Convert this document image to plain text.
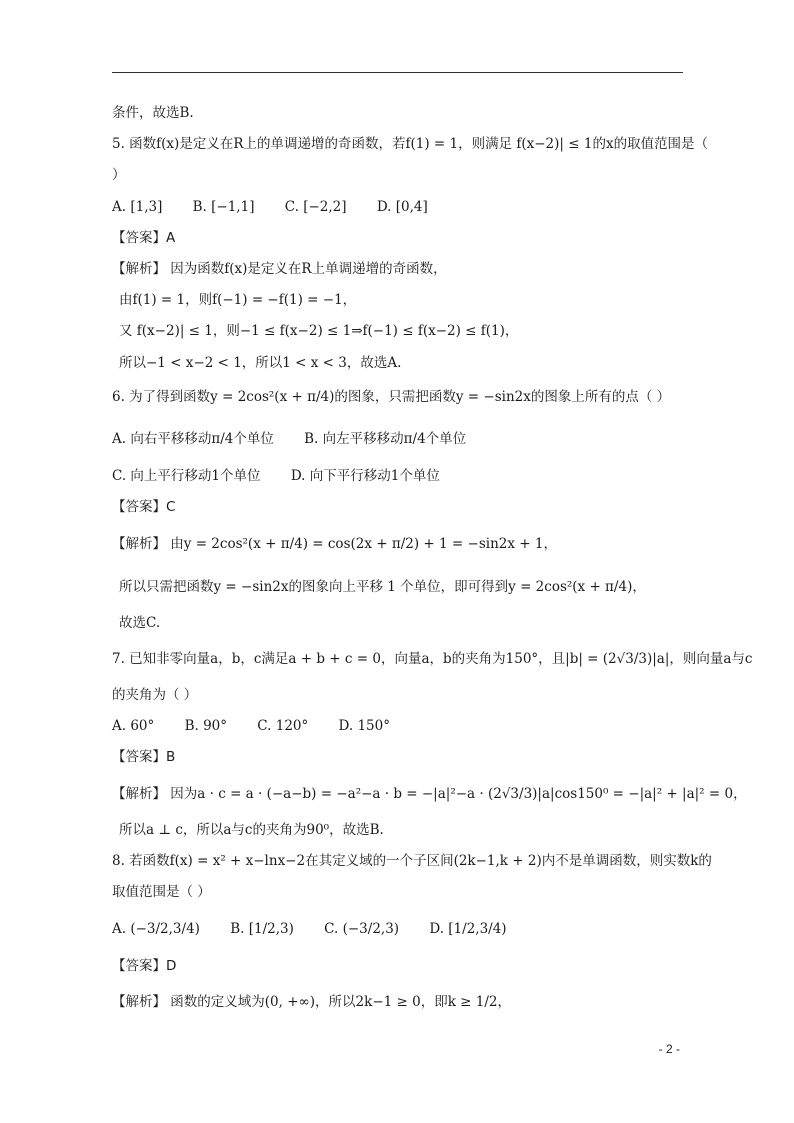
条件，故选B.
5. 函数f(x)是定义在R上的单调递增的奇函数，若f(1) = 1，则满足 f(x−2)| ≤ 1的x的取值范围是（
）
A. [1,3] B. [−1,1] C. [−2,2] D. [0,4]
【答案】A
【解析】 因为函数f(x)是定义在R上单调递增的奇函数，
由f(1) = 1，则f(−1) = −f(1) = −1，
又 f(x−2)| ≤ 1，则−1 ≤ f(x−2) ≤ 1⇒f(−1) ≤ f(x−2) ≤ f(1)，
所以−1 < x−2 < 1，所以1 < x < 3，故选A.
6. 为了得到函数y = 2cos²(x + π/4)的图象，只需把函数y = −sin2x的图象上所有的点（ ）
A. 向右平移移动π/4个单位 B. 向左平移移动π/4个单位
C. 向上平行移动1个单位 D. 向下平行移动1个单位
【答案】C
【解析】 由y = 2cos²(x + π/4) = cos(2x + π/2) + 1 = −sin2x + 1，
所以只需把函数y = −sin2x的图象向上平移 1 个单位，即可得到y = 2cos²(x + π/4)，
故选C.
7. 已知非零向量a，b，c满足a + b + c = 0，向量a，b的夹角为150°，且|b| = (2√3/3)|a|，则向量a与c
的夹角为（ ）
A. 60° B. 90° C. 120° D. 150°
【答案】B
【解析】 因为a · c = a · (−a−b) = −a²−a · b = −|a|²−a · (2√3/3)|a|cos150⁰ = −|a|² + |a|² = 0，
所以a ⊥ c，所以a与c的夹角为90⁰，故选B.
8. 若函数f(x) = x² + x−lnx−2在其定义域的一个子区间(2k−1,k + 2)内不是单调函数，则实数k的
取值范围是（ ）
A. (−3/2,3/4) B. [1/2,3) C. (−3/2,3) D. [1/2,3/4)
【答案】D
【解析】 函数的定义域为(0, +∞)，所以2k−1 ≥ 0，即k ≥ 1/2，
- 2 -
